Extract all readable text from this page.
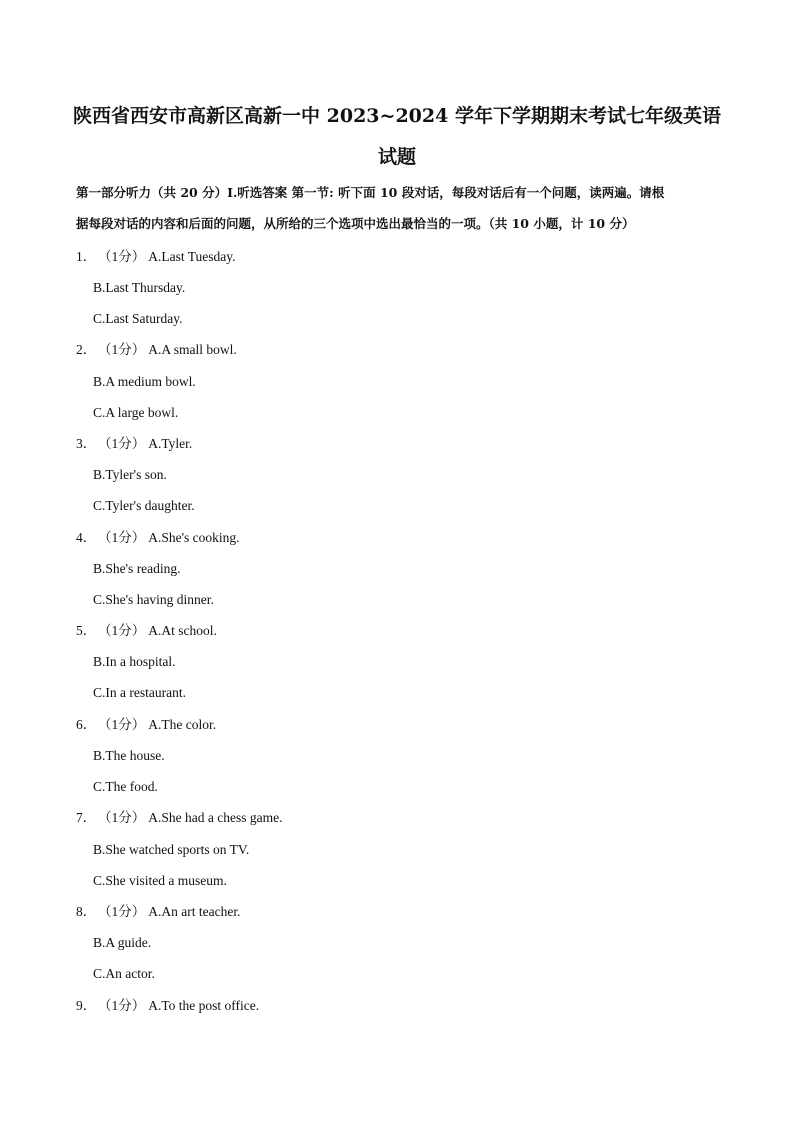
陕西省西安市高新区高新一中 2023~2024 学年下学期期末考试七年级英语
试题
第一部分听力（共 20 分）I.听选答案 第一节: 听下面 10 段对话，每段对话后有一个问题，读两遍。请根
据每段对话的内容和后面的问题，从所给的三个选项中选出最恰当的一项。（共 10 小题，计 10 分）
1． （1分） A.Last Tuesday.
B.Last Thursday.
C.Last Saturday.
2． （1分） A.A small bowl.
B.A medium bowl.
C.A large bowl.
3． （1分） A.Tyler.
B.Tyler's son.
C.Tyler's daughter.
4． （1分） A.She's cooking.
B.She's reading.
C.She's having dinner.
5． （1分） A.At school.
B.In a hospital.
C.In a restaurant.
6． （1分） A.The color.
B.The house.
C.The food.
7． （1分） A.She had a chess game.
B.She watched sports on TV.
C.She visited a museum.
8． （1分） A.An art teacher.
B.A guide.
C.An actor.
9． （1分） A.To the post office.
